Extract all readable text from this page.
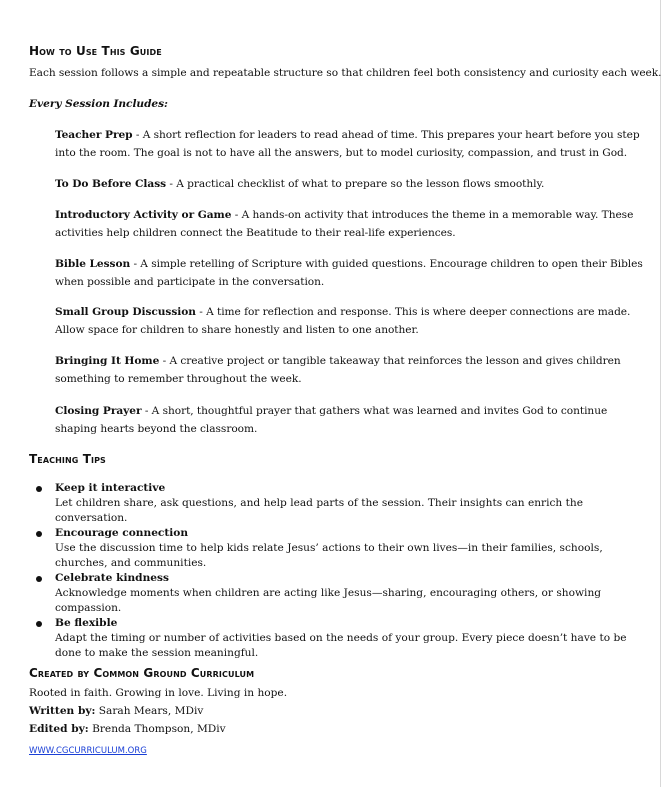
How to Use This Guide
Each session follows a simple and repeatable structure so that children feel both consistency and curiosity each week.
Every Session Includes:
Teacher Prep - A short reflection for leaders to read ahead of time. This prepares your heart before you step into the room. The goal is not to have all the answers, but to model curiosity, compassion, and trust in God.
To Do Before Class - A practical checklist of what to prepare so the lesson flows smoothly.
Introductory Activity or Game - A hands-on activity that introduces the theme in a memorable way. These activities help children connect the Beatitude to their real-life experiences.
Bible Lesson - A simple retelling of Scripture with guided questions. Encourage children to open their Bibles when possible and participate in the conversation.
Small Group Discussion - A time for reflection and response. This is where deeper connections are made. Allow space for children to share honestly and listen to one another.
Bringing It Home - A creative project or tangible takeaway that reinforces the lesson and gives children something to remember throughout the week.
Closing Prayer - A short, thoughtful prayer that gathers what was learned and invites God to continue shaping hearts beyond the classroom.
Teaching Tips
Keep it interactive
Let children share, ask questions, and help lead parts of the session. Their insights can enrich the conversation.
Encourage connection
Use the discussion time to help kids relate Jesus’ actions to their own lives—in their families, schools, churches, and communities.
Celebrate kindness
Acknowledge moments when children are acting like Jesus—sharing, encouraging others, or showing compassion.
Be flexible
Adapt the timing or number of activities based on the needs of your group. Every piece doesn’t have to be done to make the session meaningful.
Created by Common Ground Curriculum
Rooted in faith. Growing in love. Living in hope.
Written by: Sarah Mears, MDiv
Edited by: Brenda Thompson, MDiv
WWW.CGCURRICULUM.ORG
